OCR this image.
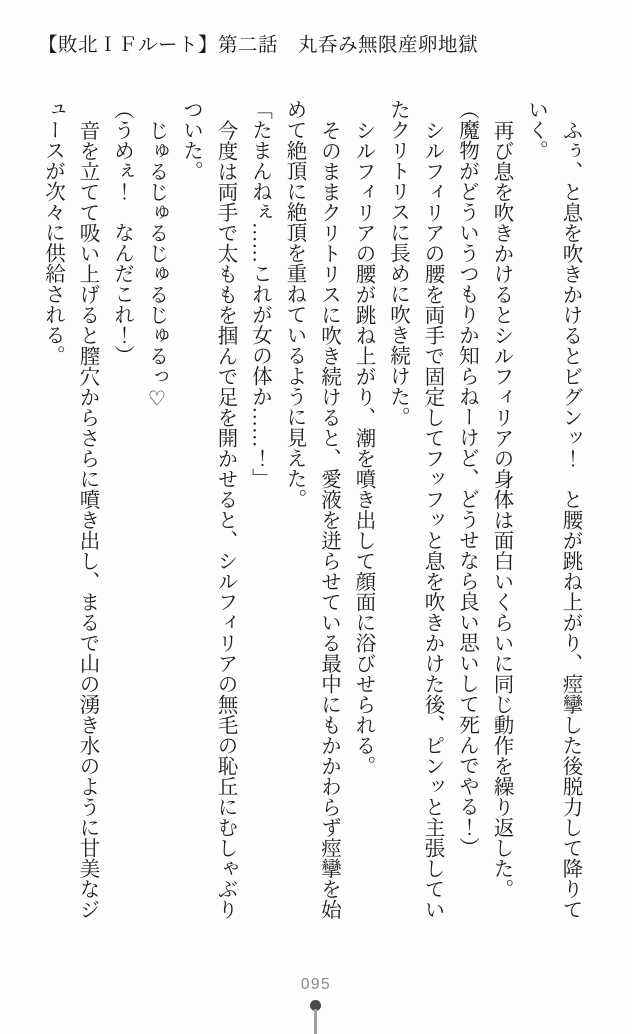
【敗北ＩＦルート】第二話　丸呑み無限産卵地獄

ふぅ、と息を吹きかけるとビグンッ！　と腰が跳ね上がり、痙攣した後脱力して降りていく。

再び息を吹きかけるとシルフィリアの身体は面白いくらいに同じ動作を繰り返した。

（魔物がどういうつもりか知らねーけど、どうせなら良い思いして死んでやる！）

シルフィリアの腰を両手で固定してフッフッと息を吹きかけた後、ピンッと主張していたクリトリスに長めに吹き続けた。

シルフィリアの腰が跳ね上がり、潮を噴き出して顔面に浴びせられる。

そのままクリトリスに吹き続けると、愛液を迸らせている最中にもかかわらず痙攣を始めて絶頂に絶頂を重ねているように見えた。

「たまんねぇ……これが女の体か……！」

今度は両手で太ももを掴んで足を開かせると、シルフィリアの無毛の恥丘にむしゃぶりついた。

じゅるじゅるじゅるじゅるっ♡

（うめぇ！　なんだこれ！）

音を立てて吸い上げると膣穴からさらに噴き出し、まるで山の湧き水のように甘美なジュースが次々に供給される。

095
